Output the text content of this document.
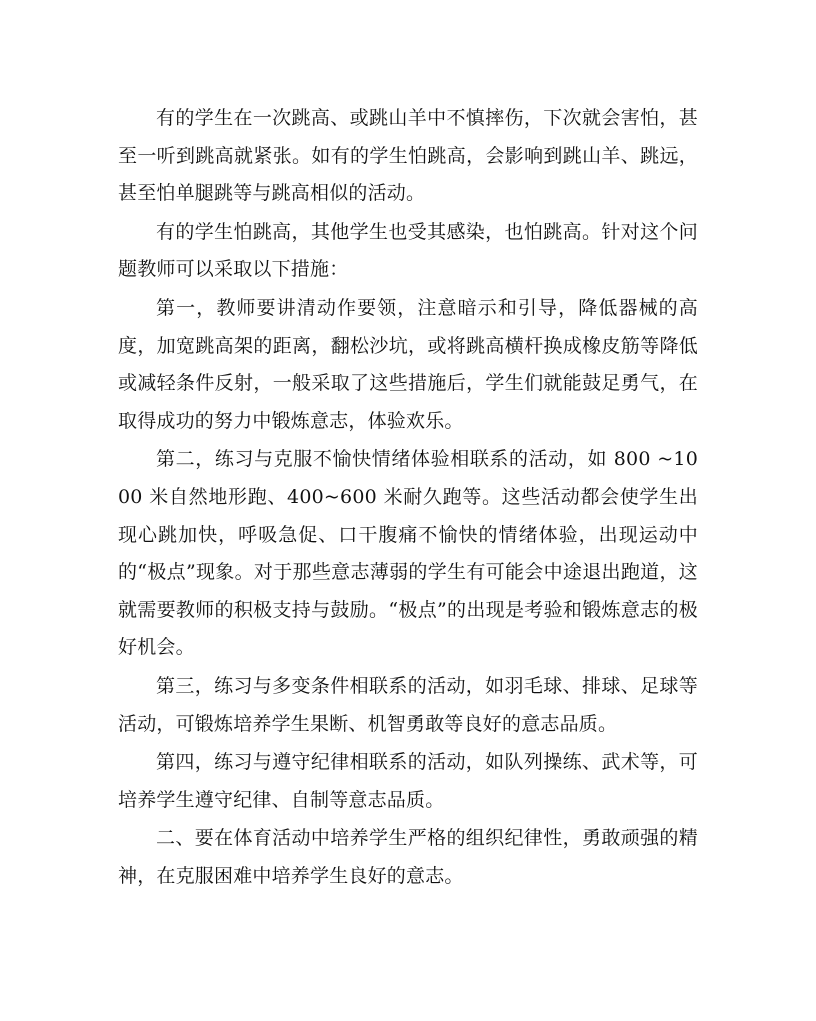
有的学生在一次跳高、或跳山羊中不慎摔伤，下次就会害怕，甚至一听到跳高就紧张。如有的学生怕跳高，会影响到跳山羊、跳远，甚至怕单腿跳等与跳高相似的活动。

有的学生怕跳高，其他学生也受其感染，也怕跳高。针对这个问题教师可以采取以下措施：

第一，教师要讲清动作要领，注意暗示和引导，降低器械的高度，加宽跳高架的距离，翻松沙坑，或将跳高横杆换成橡皮筋等降低或减轻条件反射，一般采取了这些措施后，学生们就能鼓足勇气，在取得成功的努力中锻炼意志，体验欢乐。

第二，练习与克服不愉快情绪体验相联系的活动，如 800 ~1000 米自然地形跑、400~600 米耐久跑等。这些活动都会使学生出现心跳加快，呼吸急促、口干腹痛不愉快的情绪体验，出现运动中的“极点”现象。对于那些意志薄弱的学生有可能会中途退出跑道，这就需要教师的积极支持与鼓励。“极点”的出现是考验和锻炼意志的极好机会。

第三，练习与多变条件相联系的活动，如羽毛球、排球、足球等活动，可锻炼培养学生果断、机智勇敢等良好的意志品质。

第四，练习与遵守纪律相联系的活动，如队列操练、武术等，可培养学生遵守纪律、自制等意志品质。

二、要在体育活动中培养学生严格的组织纪律性，勇敢顽强的精神，在克服困难中培养学生良好的意志。
